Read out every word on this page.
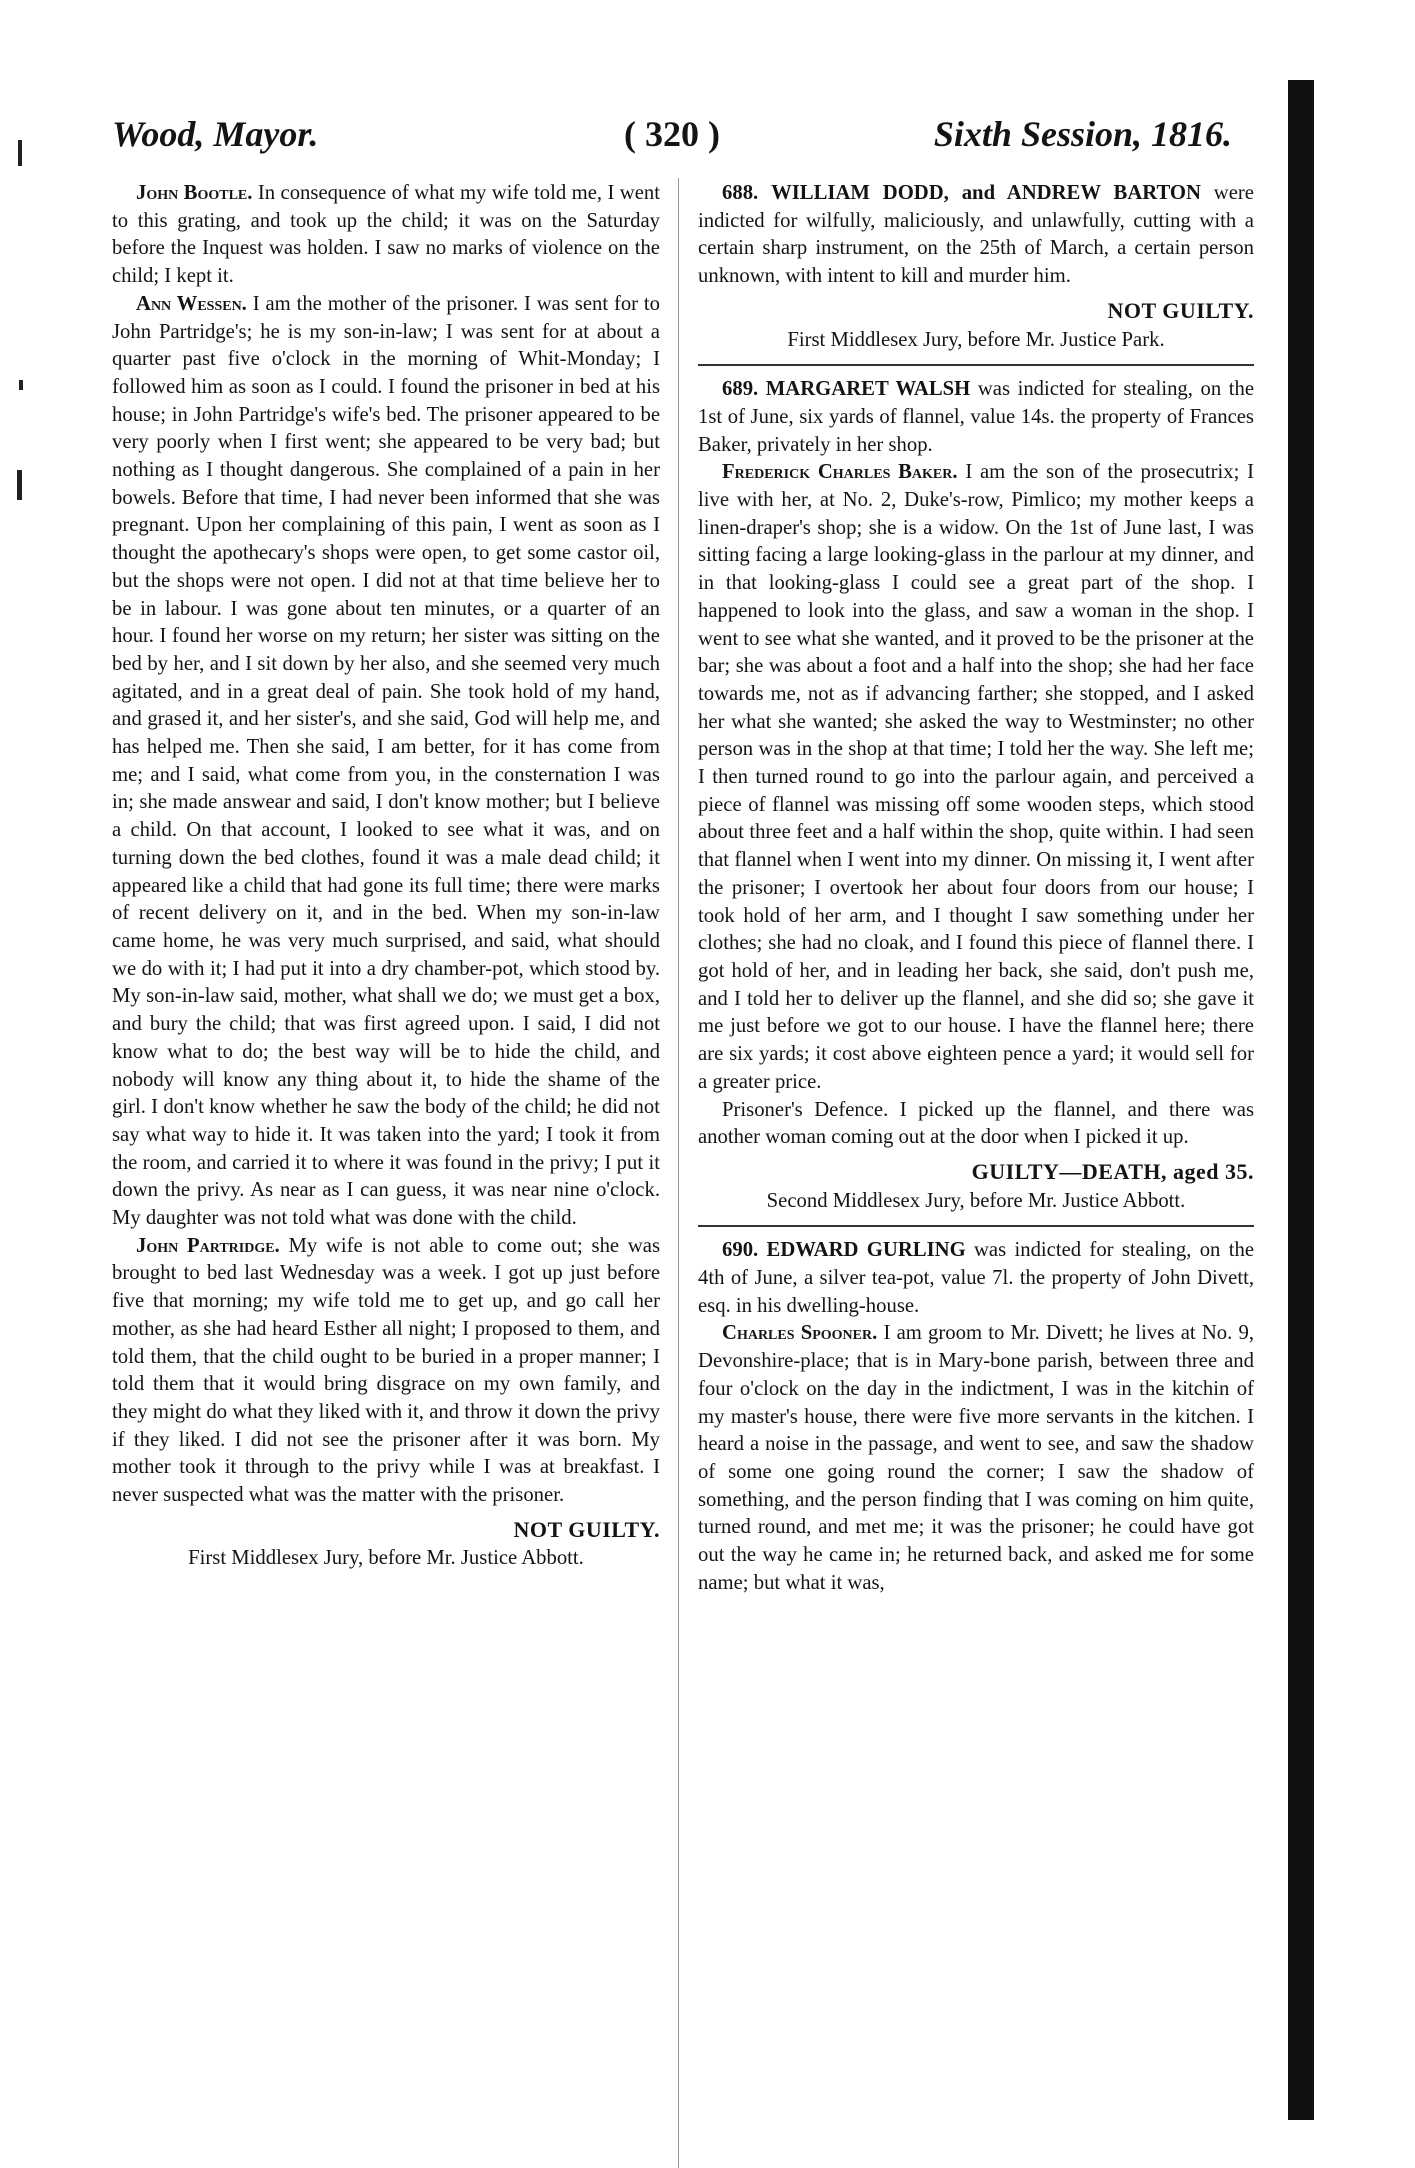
Wood, Mayor.	( 320 )	Sixth Session, 1816.

John Bootle. In consequence of what my wife told me, I went to this grating, and took up the child; it was on the Saturday before the Inquest was holden. I saw no marks of violence on the child; I kept it.

Ann Wessen. I am the mother of the prisoner. I was sent for to John Partridge's; he is my son-in-law; I was sent for at about a quarter past five o'clock in the morning of Whit-Monday; I followed him as soon as I could. I found the prisoner in bed at his house; in John Partridge's wife's bed. The prisoner appeared to be very poorly when I first went; she appeared to be very bad; but nothing as I thought dangerous. She complained of a pain in her bowels. Before that time, I had never been informed that she was pregnant. Upon her complaining of this pain, I went as soon as I thought the apothecary's shops were open, to get some castor oil, but the shops were not open. I did not at that time believe her to be in labour. I was gone about ten minutes, or a quarter of an hour. I found her worse on my return; her sister was sitting on the bed by her, and I sit down by her also, and she seemed very much agitated, and in a great deal of pain. She took hold of my hand, and grased it, and her sister's, and she said, God will help me, and has helped me. Then she said, I am better, for it has come from me; and I said, what come from you, in the consternation I was in; she made answear and said, I don't know mother; but I believe a child. On that account, I looked to see what it was, and on turning down the bed clothes, found it was a male dead child; it appeared like a child that had gone its full time; there were marks of recent delivery on it, and in the bed. When my son-in-law came home, he was very much surprised, and said, what should we do with it; I had put it into a dry chamber-pot, which stood by. My son-in-law said, mother, what shall we do; we must get a box, and bury the child; that was first agreed upon. I said, I did not know what to do; the best way will be to hide the child, and nobody will know any thing about it, to hide the shame of the girl. I don't know whether he saw the body of the child; he did not say what way to hide it. It was taken into the yard; I took it from the room, and carried it to where it was found in the privy; I put it down the privy. As near as I can guess, it was near nine o'clock. My daughter was not told what was done with the child.

John Partridge. My wife is not able to come out; she was brought to bed last Wednesday was a week. I got up just before five that morning; my wife told me to get up, and go call her mother, as she had heard Esther all night; I proposed to them, and told them, that the child ought to be buried in a proper manner; I told them that it would bring disgrace on my own family, and they might do what they liked with it, and throw it down the privy if they liked. I did not see the prisoner after it was born. My mother took it through to the privy while I was at breakfast. I never suspected what was the matter with the prisoner.

NOT GUILTY.
First Middlesex Jury, before Mr. Justice Abbott.

688. WILLIAM DODD, and ANDREW BARTON were indicted for wilfully, maliciously, and unlawfully, cutting with a certain sharp instrument, on the 25th of March, a certain person unknown, with intent to kill and murder him.

NOT GUILTY.
First Middlesex Jury, before Mr. Justice Park.

689. MARGARET WALSH was indicted for stealing, on the 1st of June, six yards of flannel, value 14s. the property of Frances Baker, privately in her shop.

Frederick Charles Baker. I am the son of the prosecutrix; I live with her, at No. 2, Duke's-row, Pimlico; my mother keeps a linen-draper's shop; she is a widow. On the 1st of June last, I was sitting facing a large looking-glass in the parlour at my dinner, and in that looking-glass I could see a great part of the shop. I happened to look into the glass, and saw a woman in the shop. I went to see what she wanted, and it proved to be the prisoner at the bar; she was about a foot and a half into the shop; she had her face towards me, not as if advancing farther; she stopped, and I asked her what she wanted; she asked the way to Westminster; no other person was in the shop at that time; I told her the way. She left me; I then turned round to go into the parlour again, and perceived a piece of flannel was missing off some wooden steps, which stood about three feet and a half within the shop, quite within. I had seen that flannel when I went into my dinner. On missing it, I went after the prisoner; I overtook her about four doors from our house; I took hold of her arm, and I thought I saw something under her clothes; she had no cloak, and I found this piece of flannel there. I got hold of her, and in leading her back, she said, don't push me, and I told her to deliver up the flannel, and she did so; she gave it me just before we got to our house. I have the flannel here; there are six yards; it cost above eighteen pence a yard; it would sell for a greater price.

Prisoner's Defence. I picked up the flannel, and there was another woman coming out at the door when I picked it up.

GUILTY—DEATH, aged 35.
Second Middlesex Jury, before Mr. Justice Abbott.

690. EDWARD GURLING was indicted for stealing, on the 4th of June, a silver tea-pot, value 7l. the property of John Divett, esq. in his dwelling-house.

Charles Spooner. I am groom to Mr. Divett; he lives at No. 9, Devonshire-place; that is in Mary-bone parish, between three and four o'clock on the day in the indictment, I was in the kitchin of my master's house, there were five more servants in the kitchen. I heard a noise in the passage, and went to see, and saw the shadow of some one going round the corner; I saw the shadow of something, and the person finding that I was coming on him quite, turned round, and met me; it was the prisoner; he could have got out the way he came in; he returned back, and asked me for some name; but what it was,
